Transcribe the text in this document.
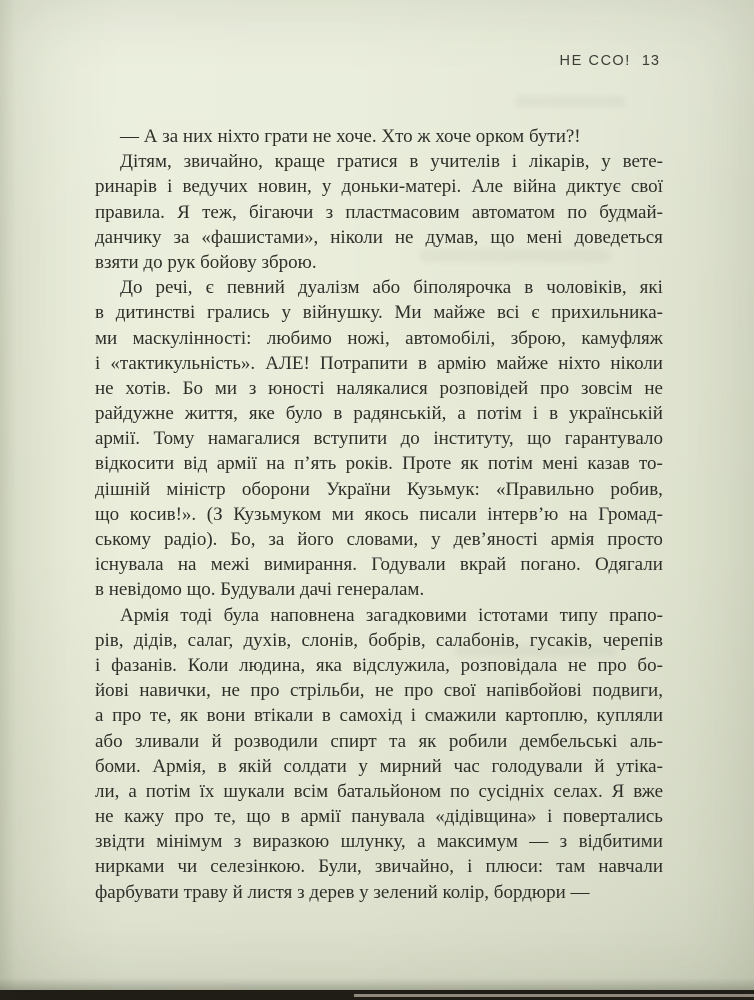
НЕ ССО! 13
— А за них ніхто грати не хоче. Хто ж хоче орком бути?!
Дітям, звичайно, краще гратися в учителів і лікарів, у вете-
ринарів і ведучих новин, у доньки-матері. Але війна диктує свої
правила. Я теж, бігаючи з пластмасовим автоматом по будмай-
данчику за «фашистами», ніколи не думав, що мені доведеться
взяти до рук бойову зброю.
До речі, є певний дуалізм або біполярочка в чоловіків, які
в дитинстві грались у війнушку. Ми майже всі є прихильника-
ми маскулінності: любимо ножі, автомобілі, зброю, камуфляж
і «тактикульність». АЛЕ! Потрапити в армію майже ніхто ніколи
не хотів. Бо ми з юності налякалися розповідей про зовсім не
райдужне життя, яке було в радянській, а потім і в українській
армії. Тому намагалися вступити до інституту, що гарантувало
відкосити від армії на п’ять років. Проте як потім мені казав то-
дішній міністр оборони України Кузьмук: «Правильно робив,
що косив!». (З Кузьмуком ми якось писали інтерв’ю на Громад-
ському радіо). Бо, за його словами, у дев’яності армія просто
існувала на межі вимирання. Годували вкрай погано. Одягали
в невідомо що. Будували дачі генералам.
Армія тоді була наповнена загадковими істотами типу прапо-
рів, дідів, салаг, духів, слонів, бобрів, салабонів, гусаків, черепів
і фазанів. Коли людина, яка відслужила, розповідала не про бо-
йові навички, не про стрільби, не про свої напівбойові подвиги,
а про те, як вони втікали в самохід і смажили картоплю, купляли
або зливали й розводили спирт та як робили дембельські аль-
боми. Армія, в якій солдати у мирний час голодували й утіка-
ли, а потім їх шукали всім батальйоном по сусідніх селах. Я вже
не кажу про те, що в армії панувала «дідівщина» і повертались
звідти мінімум з виразкою шлунку, а максимум — з відбитими
нирками чи селезінкою. Були, звичайно, і плюси: там навчали
фарбувати траву й листя з дерев у зелений колір, бордюри —
